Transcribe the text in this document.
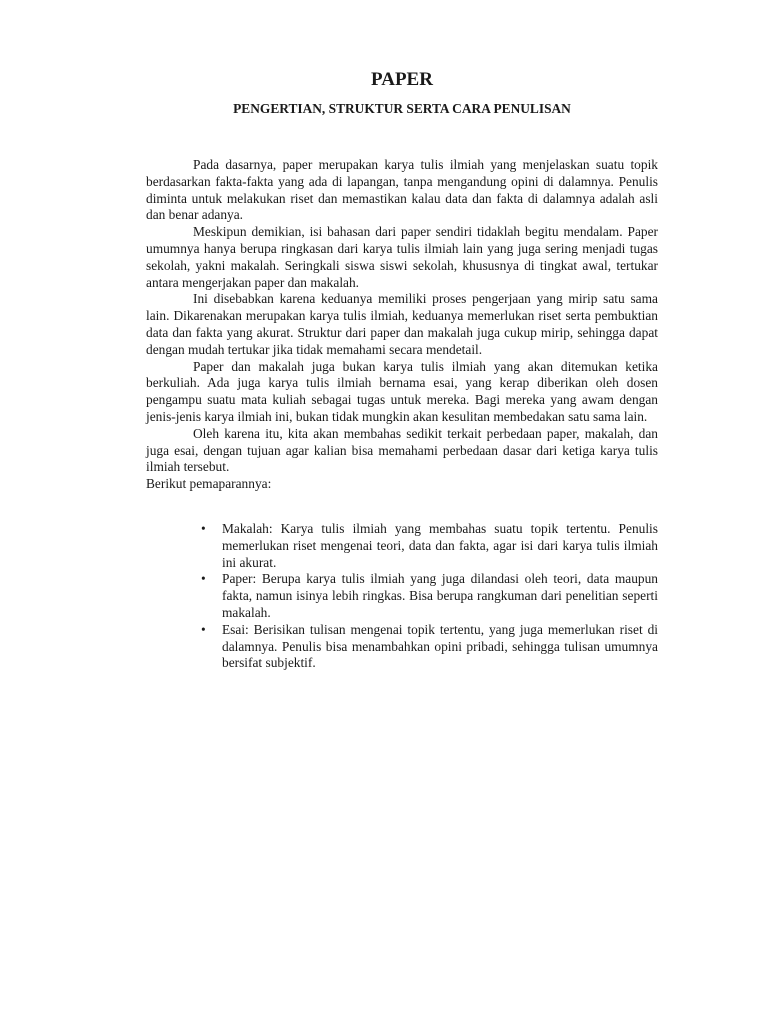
PAPER
PENGERTIAN, STRUKTUR SERTA CARA PENULISAN

Pada dasarnya, paper merupakan karya tulis ilmiah yang menjelaskan suatu topik berdasarkan fakta-fakta yang ada di lapangan, tanpa mengandung opini di dalamnya. Penulis diminta untuk melakukan riset dan memastikan kalau data dan fakta di dalamnya adalah asli dan benar adanya.

Meskipun demikian, isi bahasan dari paper sendiri tidaklah begitu mendalam. Paper umumnya hanya berupa ringkasan dari karya tulis ilmiah lain yang juga sering menjadi tugas sekolah, yakni makalah. Seringkali siswa siswi sekolah, khususnya di tingkat awal, tertukar antara mengerjakan paper dan makalah.

Ini disebabkan karena keduanya memiliki proses pengerjaan yang mirip satu sama lain. Dikarenakan merupakan karya tulis ilmiah, keduanya memerlukan riset serta pembuktian data dan fakta yang akurat. Struktur dari paper dan makalah juga cukup mirip, sehingga dapat dengan mudah tertukar jika tidak memahami secara mendetail.

Paper dan makalah juga bukan karya tulis ilmiah yang akan ditemukan ketika berkuliah. Ada juga karya tulis ilmiah bernama esai, yang kerap diberikan oleh dosen pengampu suatu mata kuliah sebagai tugas untuk mereka. Bagi mereka yang awam dengan jenis-jenis karya ilmiah ini, bukan tidak mungkin akan kesulitan membedakan satu sama lain.

Oleh karena itu, kita akan membahas sedikit terkait perbedaan paper, makalah, dan juga esai, dengan tujuan agar kalian bisa memahami perbedaan dasar dari ketiga karya tulis ilmiah tersebut.

Berikut pemaparannya:

• Makalah: Karya tulis ilmiah yang membahas suatu topik tertentu. Penulis memerlukan riset mengenai teori, data dan fakta, agar isi dari karya tulis ilmiah ini akurat.
• Paper: Berupa karya tulis ilmiah yang juga dilandasi oleh teori, data maupun fakta, namun isinya lebih ringkas. Bisa berupa rangkuman dari penelitian seperti makalah.
• Esai: Berisikan tulisan mengenai topik tertentu, yang juga memerlukan riset di dalamnya. Penulis bisa menambahkan opini pribadi, sehingga tulisan umumnya bersifat subjektif.
